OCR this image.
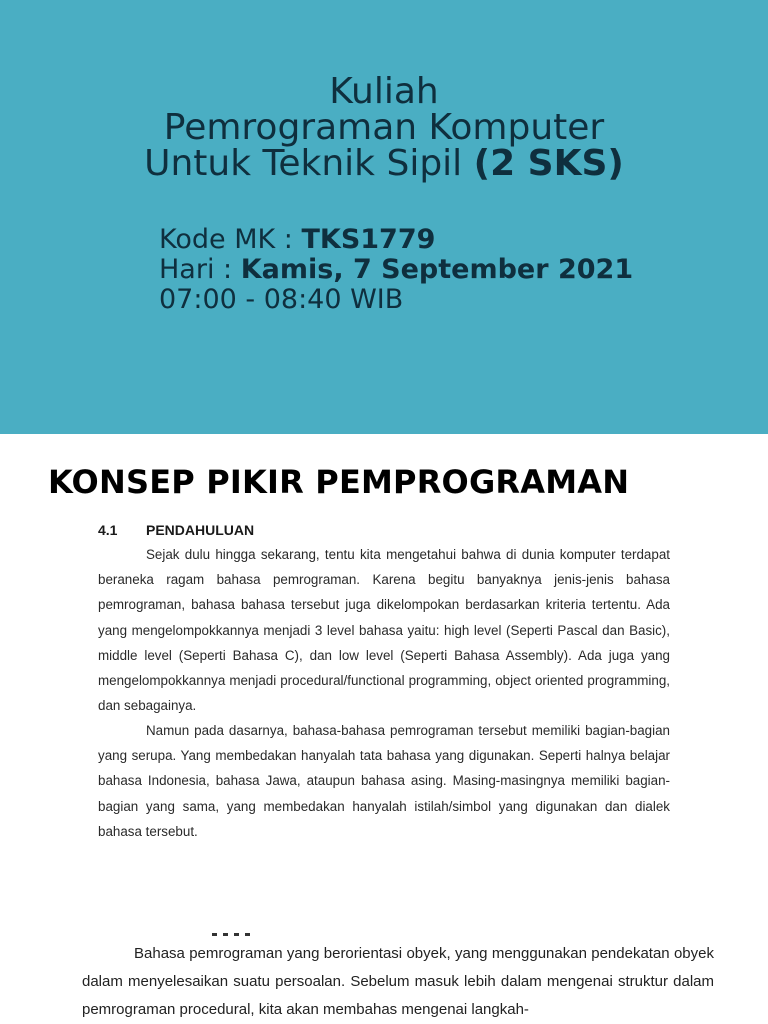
Kuliah
Pemrograman Komputer
Untuk Teknik Sipil (2 SKS)
Kode MK : TKS1779
Hari : Kamis, 7 September 2021
07:00 - 08:40 WIB
KONSEP PIKIR PEMPROGRAMAN
4.1 PENDAHULUAN

Sejak dulu hingga sekarang, tentu kita mengetahui bahwa di dunia komputer terdapat beraneka ragam bahasa pemrograman. Karena begitu banyaknya jenis-jenis bahasa pemrograman, bahasa bahasa tersebut juga dikelompokan berdasarkan kriteria tertentu. Ada yang mengelompokkannya menjadi 3 level bahasa yaitu: high level (Seperti Pascal dan Basic), middle level (Seperti Bahasa C), dan low level (Seperti Bahasa Assembly). Ada juga yang mengelompokkannya menjadi procedural/functional programming, object oriented programming, dan sebagainya.

Namun pada dasarnya, bahasa-bahasa pemrograman tersebut memiliki bagian-bagian yang serupa. Yang membedakan hanyalah tata bahasa yang digunakan. Seperti halnya belajar bahasa Indonesia, bahasa Jawa, ataupun bahasa asing. Masing-masingnya memiliki bagian-bagian yang sama, yang membedakan hanyalah istilah/simbol yang digunakan dan dialek bahasa tersebut.

Bahasa pemrograman yang berorientasi obyek, yang menggunakan pendekatan obyek dalam menyelesaikan suatu persoalan. Sebelum masuk lebih dalam mengenai struktur dalam pemrograman procedural, kita akan membahas mengenai langkah-
